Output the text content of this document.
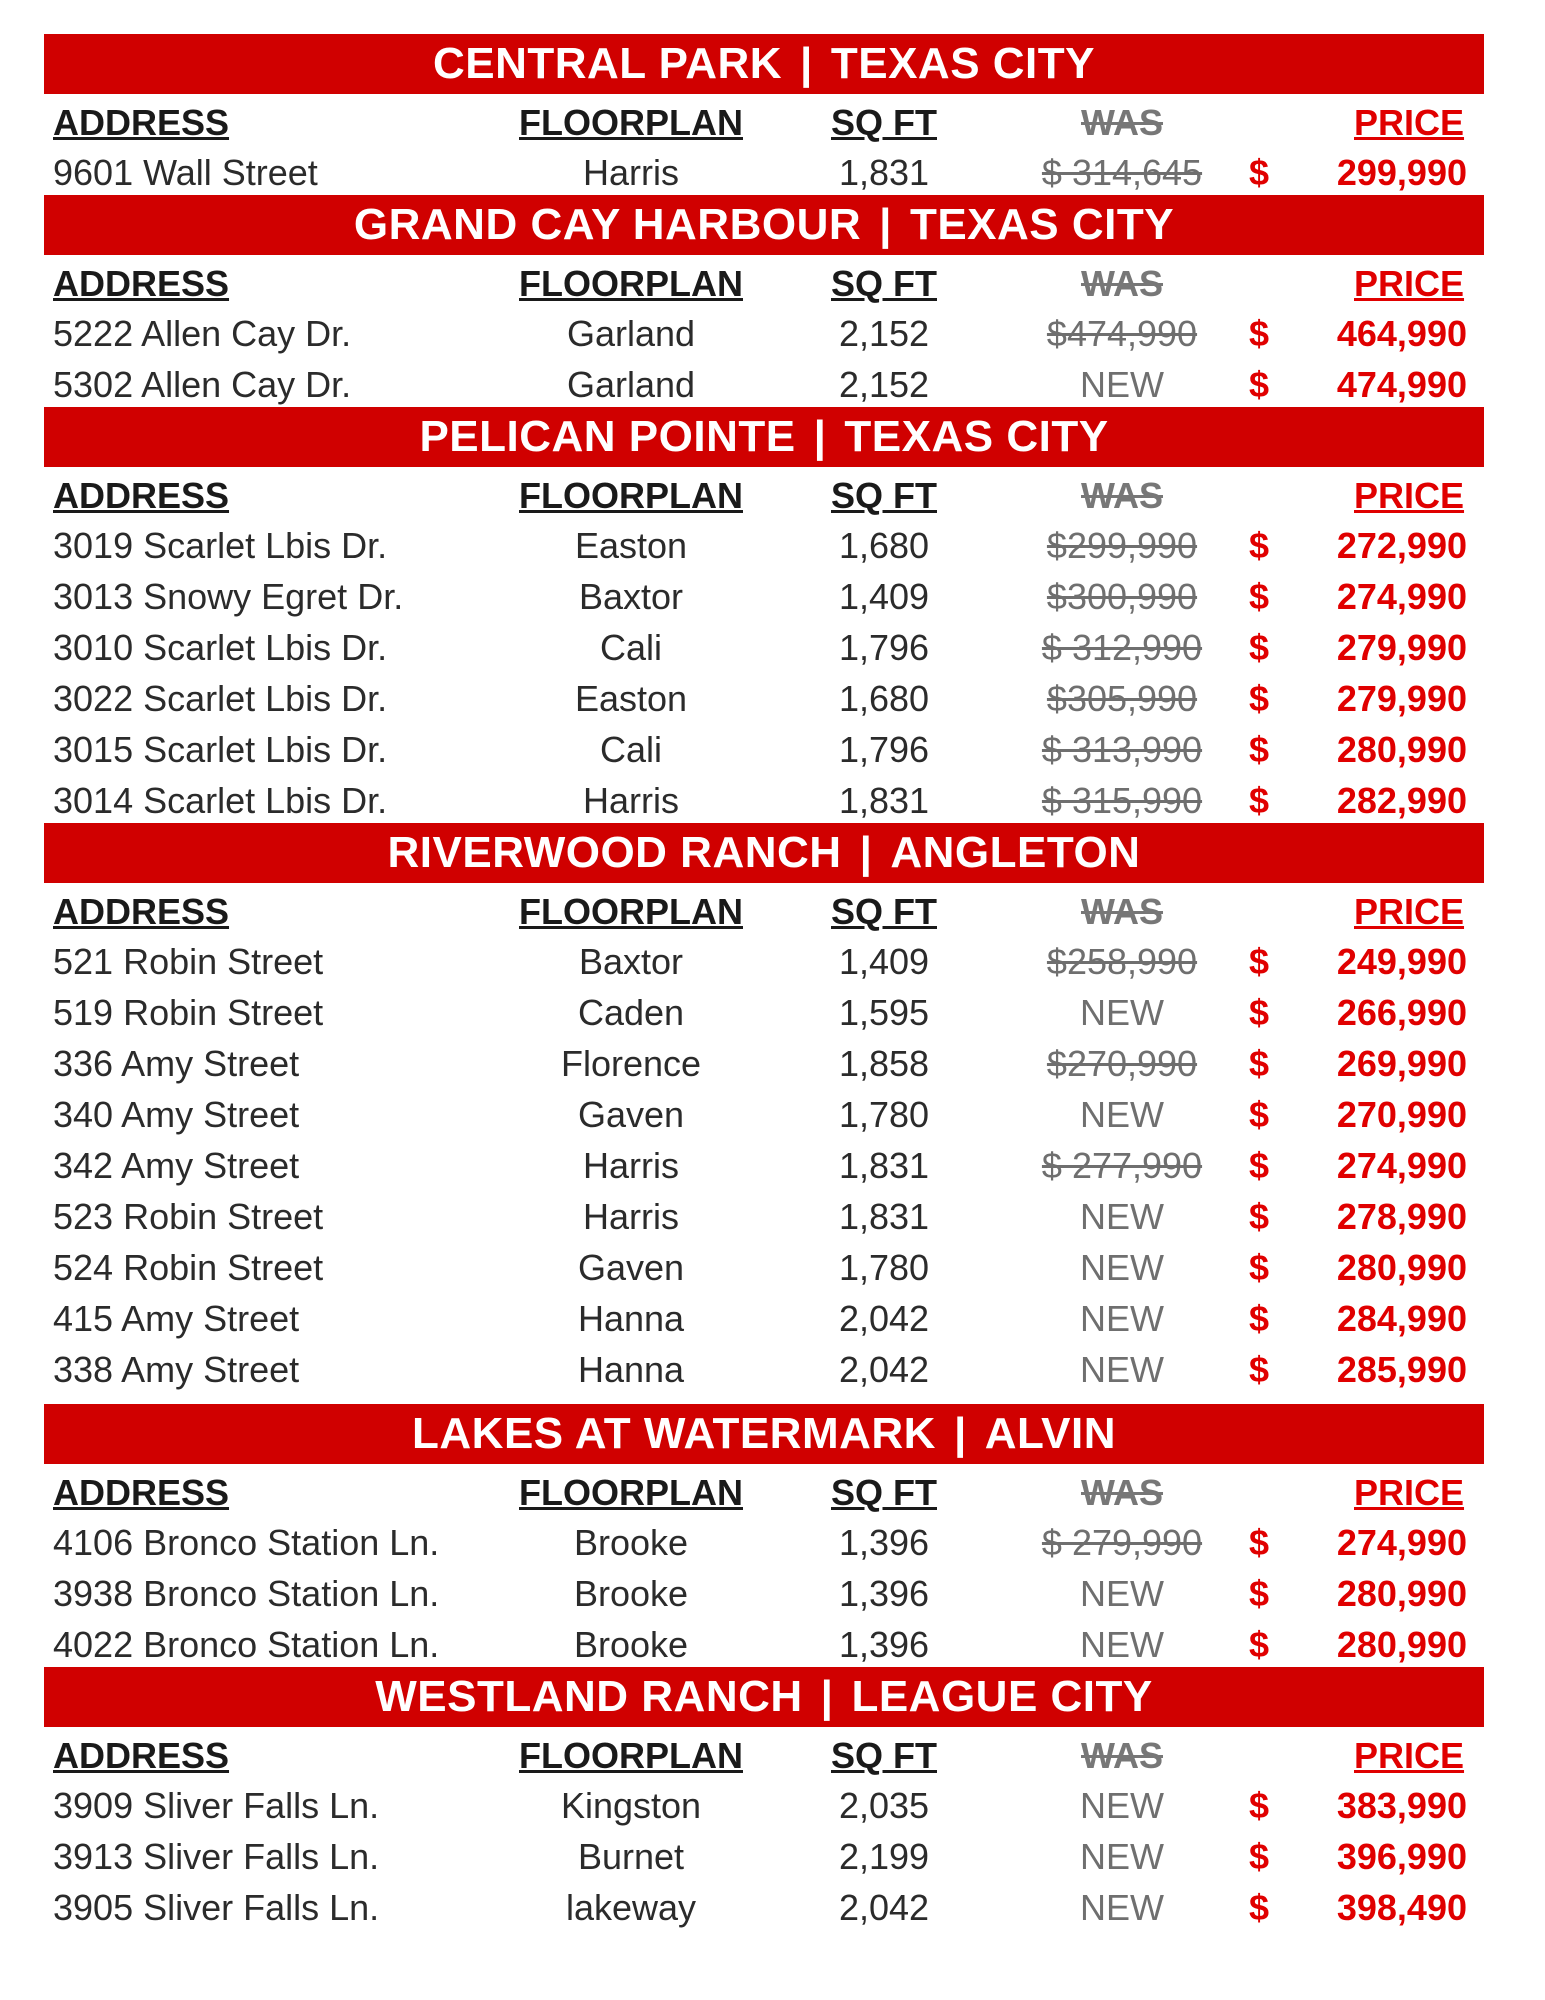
CENTRAL PARK | TEXAS CITY
ADDRESS	FLOORPLAN SQ FT	WAS	PRICE
9601 Wall Street	Harris	1,831	$ 314,645 $ 299,990
GRAND CAY HARBOUR | TEXAS CITY
ADDRESS	FLOORPLAN SQ FT	WAS	PRICE
5222 Allen Cay Dr.	Garland	2,152	$474,990 $ 464,990
5302 Allen Cay Dr.	Garland	2,152	NEW $ 474,990
PELICAN POINTE | TEXAS CITY
ADDRESS	FLOORPLAN SQ FT	WAS	PRICE
3019 Scarlet Lbis Dr.	Easton	1,680	$299,990 $ 272,990
3013 Snowy Egret Dr.	Baxtor	1,409	$300,990 $ 274,990
3010 Scarlet Lbis Dr.	Cali	1,796	$ 312,990 $ 279,990
3022 Scarlet Lbis Dr.	Easton	1,680	$305,990 $ 279,990
3015 Scarlet Lbis Dr.	Cali	1,796	$ 313,990 $ 280,990
3014 Scarlet Lbis Dr.	Harris	1,831	$ 315,990 $ 282,990
RIVERWOOD RANCH | ANGLETON
ADDRESS	FLOORPLAN SQ FT	WAS	PRICE
521 Robin Street	Baxtor	1,409	$258,990 $ 249,990
519 Robin Street	Caden	1,595	NEW $ 266,990
336 Amy Street	Florence	1,858	$270,990 $ 269,990
340 Amy Street	Gaven	1,780	NEW $ 270,990
342 Amy Street	Harris	1,831	$ 277,990 $ 274,990
523 Robin Street	Harris	1,831	NEW $ 278,990
524 Robin Street	Gaven	1,780	NEW $ 280,990
415 Amy Street	Hanna	2,042	NEW $ 284,990
338 Amy Street	Hanna	2,042	NEW $ 285,990
LAKES AT WATERMARK | ALVIN
ADDRESS	FLOORPLAN SQ FT	WAS	PRICE
4106 Bronco Station Ln.	Brooke	1,396	$ 279,990 $ 274,990
3938 Bronco Station Ln.	Brooke	1,396	NEW $ 280,990
4022 Bronco Station Ln.	Brooke	1,396	NEW $ 280,990
WESTLAND RANCH | LEAGUE CITY
ADDRESS	FLOORPLAN SQ FT	WAS	PRICE
3909 Sliver Falls Ln.	Kingston	2,035	NEW $ 383,990
3913 Sliver Falls Ln.	Burnet	2,199	NEW $ 396,990
3905 Sliver Falls Ln.	lakeway	2,042	NEW $ 398,490
